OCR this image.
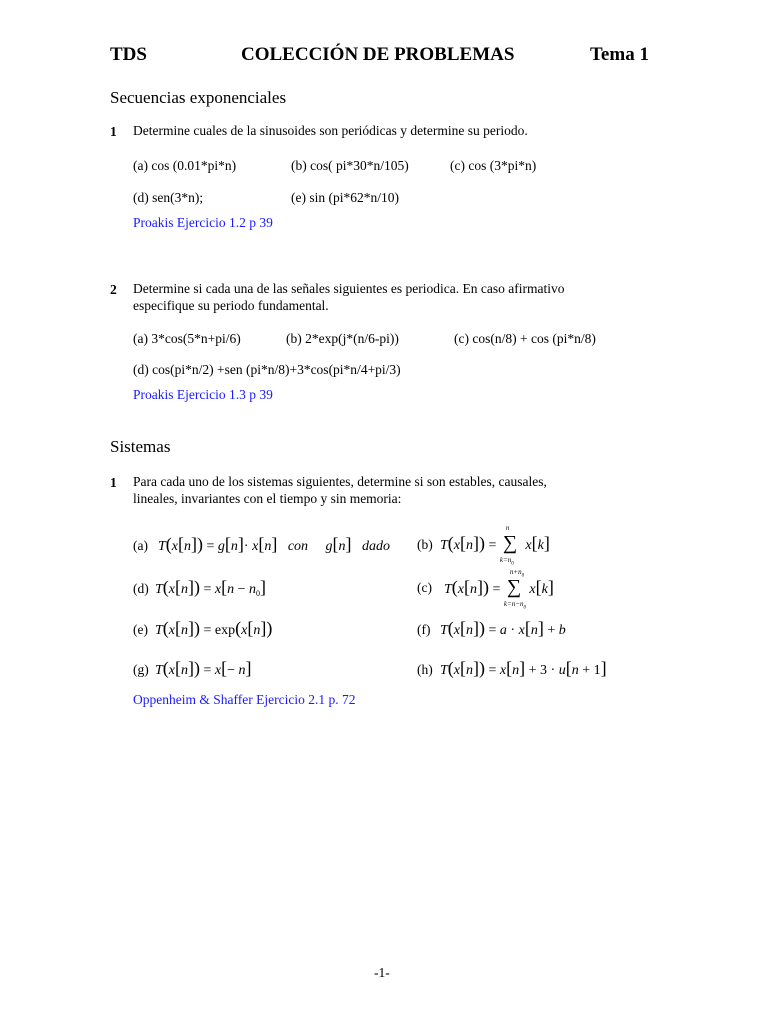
TDS	COLECCIÓN DE PROBLEMAS	Tema 1
Secuencias exponenciales
1 Determine cuales de la sinusoides son periódicas y determine su periodo.
(a) cos (0.01*pi*n)	(b) cos( pi*30*n/105)	(c) cos (3*pi*n)
(d) sen(3*n);	(e) sin (pi*62*n/10)
Proakis Ejercicio 1.2 p 39
2 Determine si cada una de las señales siguientes es periodica. En caso afirmativo
especifique su periodo fundamental.
(a) 3*cos(5*n+pi/6)	(b) 2*exp(j*(n/6-pi))	(c) cos(n/8) + cos (pi*n/8)
(d) cos(pi*n/2) +sen (pi*n/8)+3*cos(pi*n/4+pi/3)
Proakis Ejercicio 1.3 p 39
Sistemas
1 Para cada uno de los sistemas siguientes, determine si son estables, causales,
lineales, invariantes con el tiempo y sin memoria:
(a) T(x[n]) = g[n]· x[n] con g[n] dado (b) T(x[n]) =
n
∑
$k=n_0$
x[k]
(d) $T(x[n]) = x[n - n_0]$	(c) T(x[n]) =
$n+n_0$
∑
$k=n-n_0$
x[k]
(e) T(x[n]) = exp(x[n])	(f) T(x[n]) = a · x[n] + b
(g) T(x[n]) = x[− n]	(h) T(x[n]) = x[n] + 3 · u[n + 1]
Oppenheim & Shaffer Ejercicio 2.1 p. 72
-1-
